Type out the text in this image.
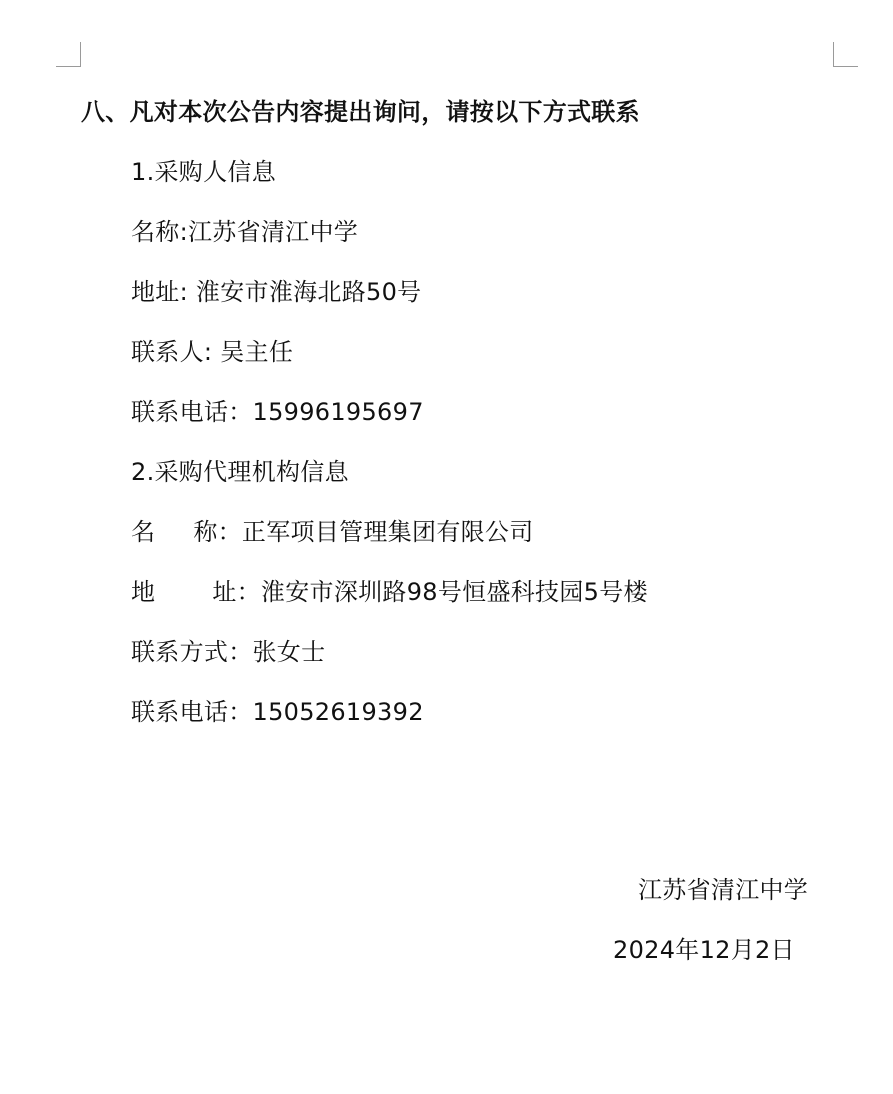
八、凡对本次公告内容提出询问，请按以下方式联系
1.采购人信息
名称:江苏省清江中学
地址: 淮安市淮海北路50号
联系人: 吴主任
联系电话：15996195697
2.采购代理机构信息
名 称：正军项目管理集团有限公司
地 址：淮安市深圳路98号恒盛科技园5号楼
联系方式：张女士
联系电话：15052619392
江苏省清江中学
2024年12月2日
